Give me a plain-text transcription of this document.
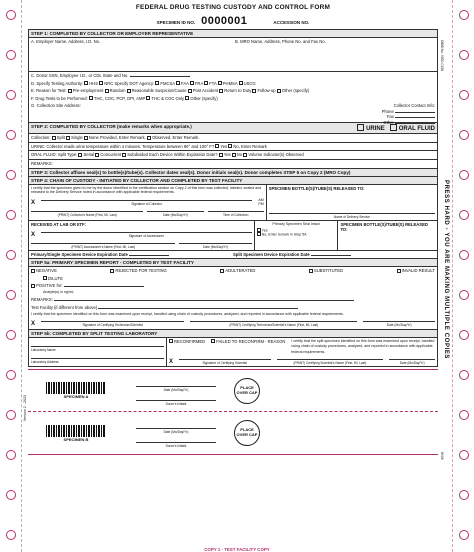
OMB No. 0930-0158
PRESS HARD - YOU ARE MAKING MULTIPLE COPIES
Version 2 - 2023
8008
FEDERAL DRUG TESTING CUSTODY AND CONTROL FORM
SPECIMEN ID NO. 0000001	ACCESSION NO.
STEP 1: COMPLETED BY COLLECTOR OR EMPLOYER REPRESENTATIVE
A. Employer Name, Address, I.D. No.	B. MRO Name, Address, Phone No. and Fax No.
C. Donor SSN, Employee I.D., or CDL State and No.
D. Specify Testing Authority: HHS NRC Specify DOT Agency: FMCSA FAA FRA FTA PHMSA USCG
E. Reason for Test: Pre-employment Random Reasonable Suspicion/Cause Post Accident Return to Duty Follow-up Other (specify)
F. Drug Tests to be Performed: THC, COC, PCP, OPI, AMP THC & COC Only Other (specify)
G. Collection Site Address:	Collector Contact Info:
Phone
Fax
Other
STEP 2: COMPLETED BY COLLECTOR (make remarks when appropriate.)	URINE ORAL FLUID
Collection: Split Single None Provided, Enter Remark. Observed, Enter Remark.
URINE: Collector reads urine temperature within 4 minutes. Temperature between 90° and 100° F? Yes No, Enter Remark
ORAL FLUID: Split Type: Serial Concurrent Subdivided Each Device Within Expiration Date? Yes No Volume Indicator(s) Observed
REMARKS:
STEP 3: Collector affixes seal(s) to bottle(s)/tube(s). Collector dates seal(s). Donor initials seal(s). Donor completes STEP 5 on Copy 2 (MRO Copy)
STEP 4: CHAIN OF CUSTODY - INITIATED BY COLLECTOR AND COMPLETED BY TEST FACILITY
I certify that the specimen given to me by the donor identified in the certification section on Copy 2 of this form was collected, labeled, sealed and released to the Delivery Service noted in accordance with applicable federal requirements.
X	Signature of Collector
AM
PM
(PRINT) Collector's Name (First, MI, Last)	Date (Mo/Day/Yr)	Time of Collection
SPECIMEN BOTTLE(S)/TUBE(S) RELEASED TO:
Name of Delivery Service
RECEIVED AT LAB OR IITF:
X	Signature of Accessioner
(PRINT) Accessioner's Name (First, MI, Last)	Date (Mo/Day/Yr)
Primary Specimen Seal Intact
Yes
No, Enter remark in Step 5A
SPECIMEN BOTTLE(S)/TUBE(S) RELEASED TO:
Primary/Single Specimen Device Expiration Date	Split Specimen Device Expiration Date
STEP 5a: PRIMARY SPECIMEN REPORT - COMPLETED BY TEST FACILITY
NEGATIVE	REJECTED FOR TESTING	ADULTERATED	SUBSTITUTED	INVALID RESULT
DILUTE
POSITIVE for:
Analyte(s) in ng/mL
REMARKS:
Test Facility (if different from above)
I certify that the specimen identified on this form was examined upon receipt, handled using chain of custody procedures, analyzed, and reported in accordance with applicable federal requirements.
X	Signature of Certifying Technician/Scientist	(PRINT) Certifying Technician/Scientist's Name (First, MI, Last)	Date (Mo/Day/Yr)
STEP 5b: COMPLETED BY SPLIT TESTING LABORATORY
Laboratory Name
Laboratory Address
RECONFIRMED	FAILED TO RECONFIRM - REASON I certify that the split specimen identified on this form was examined upon receipt, handled using chain of custody procedures, analyzed, and reported in accordance with applicable federal requirements.
X	Signature of Certifying Scientist	(PRINT) Certifying Scientist's Name (First, MI, Last)	Date (Mo/Day/Yr)
SPECIMEN A
Date (Mo/Day/Yr)
Donor's Initials
PLACE OVER CAP
SPECIMEN B
Date (Mo/Day/Yr)
Donor's Initials
PLACE OVER CAP
COPY 1 - TEST FACILITY COPY
